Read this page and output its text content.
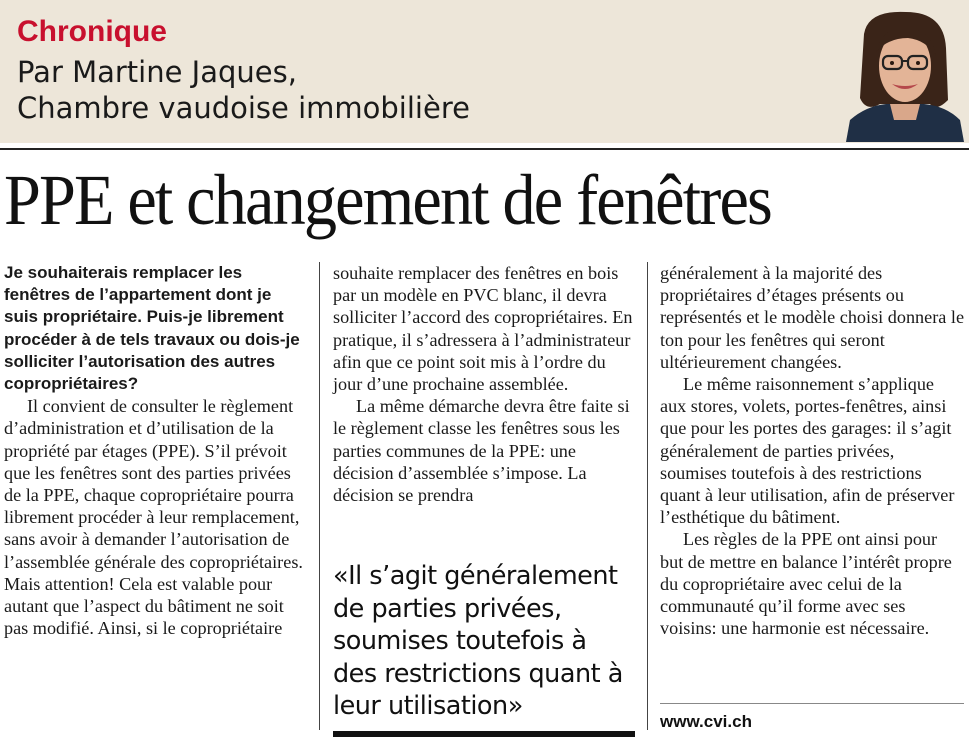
Chronique
Par Martine Jaques,
Chambre vaudoise immobilière
PPE et changement de fenêtres

Je souhaiterais remplacer les fenêtres de l’appartement dont je suis propriétaire. Puis-je librement procéder à de tels travaux ou dois-je solliciter l’autorisation des autres copropriétaires?

Il convient de consulter le règlement d’administration et d’utilisation de la propriété par étages (PPE). S’il prévoit que les fenêtres sont des parties privées de la PPE, chaque copropriétaire pourra librement procéder à leur remplacement, sans avoir à demander l’autorisation de l’assemblée générale des copropriétaires. Mais attention! Cela est valable pour autant que l’aspect du bâtiment ne soit pas modifié. Ainsi, si le copropriétaire

souhaite remplacer des fenêtres en bois par un modèle en PVC blanc, il devra solliciter l’accord des copropriétaires. En pratique, il s’adressera à l’administrateur afin que ce point soit mis à l’ordre du jour d’une prochaine assemblée.

La même démarche devra être faite si le règlement classe les fenêtres sous les parties communes de la PPE: une décision d’assemblée s’impose. La décision se prendra

«Il s’agit généralement de parties privées, soumises toutefois à des restrictions quant à leur utilisation»

généralement à la majorité des propriétaires d’étages présents ou représentés et le modèle choisi donnera le ton pour les fenêtres qui seront ultérieurement changées.

Le même raisonnement s’applique aux stores, volets, portes-fenêtres, ainsi que pour les portes des garages: il s’agit généralement de parties privées, soumises toutefois à des restrictions quant à leur utilisation, afin de préserver l’esthétique du bâtiment.

Les règles de la PPE ont ainsi pour but de mettre en balance l’intérêt propre du copropriétaire avec celui de la communauté qu’il forme avec ses voisins: une harmonie est nécessaire.

www.cvi.ch
